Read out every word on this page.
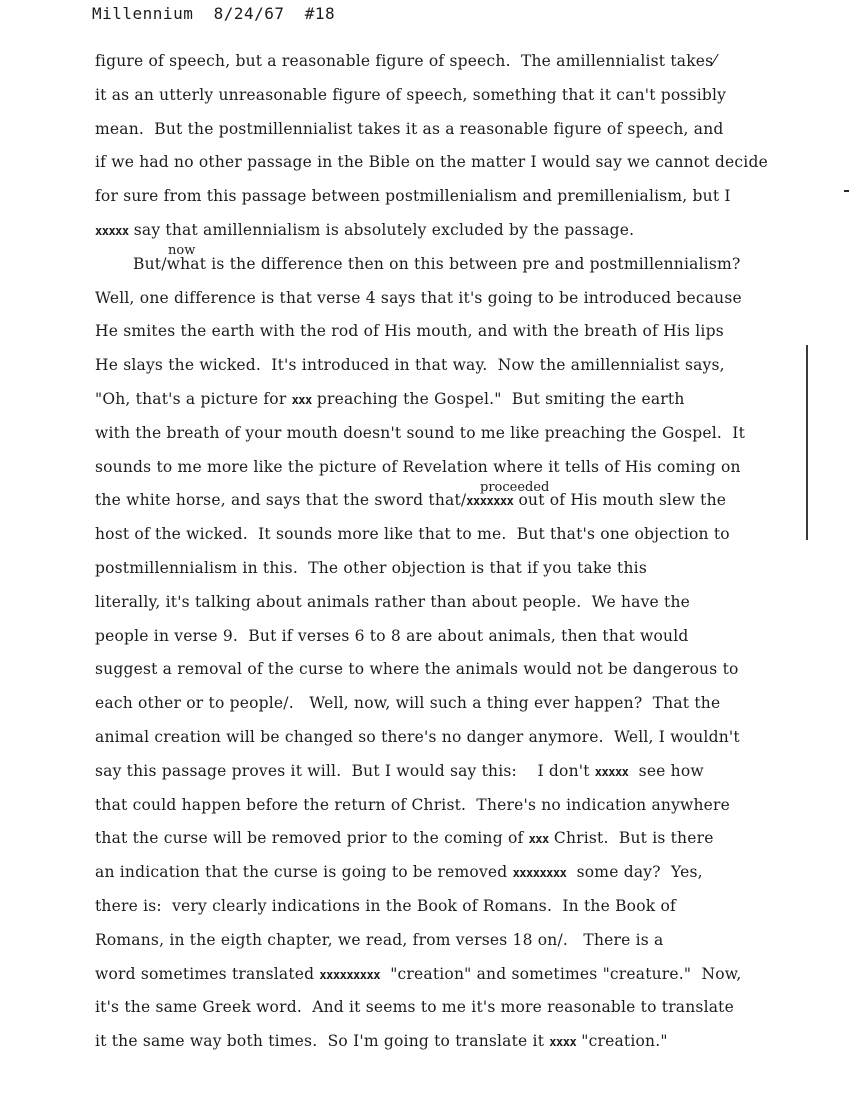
Millennium  8/24/67  #18
figure of speech, but a reasonable figure of speech.  The amillennialist takes⁄
it as an utterly unreasonable figure of speech, something that it can't possibly
mean.  But the postmillennialist takes it as a reasonable figure of speech, and
if we had no other passage in the Bible on the matter I would say we cannot decide
for sure from this passage between postmillenialism and premillenialism, but I
xxxxx say that amillennialism is absolutely excluded by the passage.
But/what is the difference then on this between pre and postmillennialism?
Well, one difference is that verse 4 says that it's going to be introduced because
He smites the earth with the rod of His mouth, and with the breath of His lips
He slays the wicked.  It's introduced in that way.  Now the amillennialist says,
"Oh, that's a picture for xxx preaching the Gospel."  But smiting the earth
with the breath of your mouth doesn't sound to me like preaching the Gospel.  It
sounds to me more like the picture of Revelation where it tells of His coming on
the white horse, and says that the sword that/xxxxxxx out of His mouth slew the
host of the wicked.  It sounds more like that to me.  But that's one objection to
postmillennialism in this.  The other objection is that if you take this
literally, it's talking about animals rather than about people.  We have the
people in verse 9.  But if verses 6 to 8 are about animals, then that would
suggest a removal of the curse to where the animals would not be dangerous to
each other or to people/.   Well, now, will such a thing ever happen?  That the
animal creation will be changed so there's no danger anymore.  Well, I wouldn't
say this passage proves it will.  But I would say this:    I don't xxxxx  see how
that could happen before the return of Christ.  There's no indication anywhere
that the curse will be removed prior to the coming of xxx Christ.  But is there
an indication that the curse is going to be removed xxxxxxxx  some day?  Yes,
there is:  very clearly indications in the Book of Romans.  In the Book of
Romans, in the eigth chapter, we read, from verses 18 on/.   There is a
word sometimes translated xxxxxxxxx  "creation" and sometimes "creature."  Now,
it's the same Greek word.  And it seems to me it's more reasonable to translate
it the same way both times.  So I'm going to translate it xxxx "creation."
now
proceeded
